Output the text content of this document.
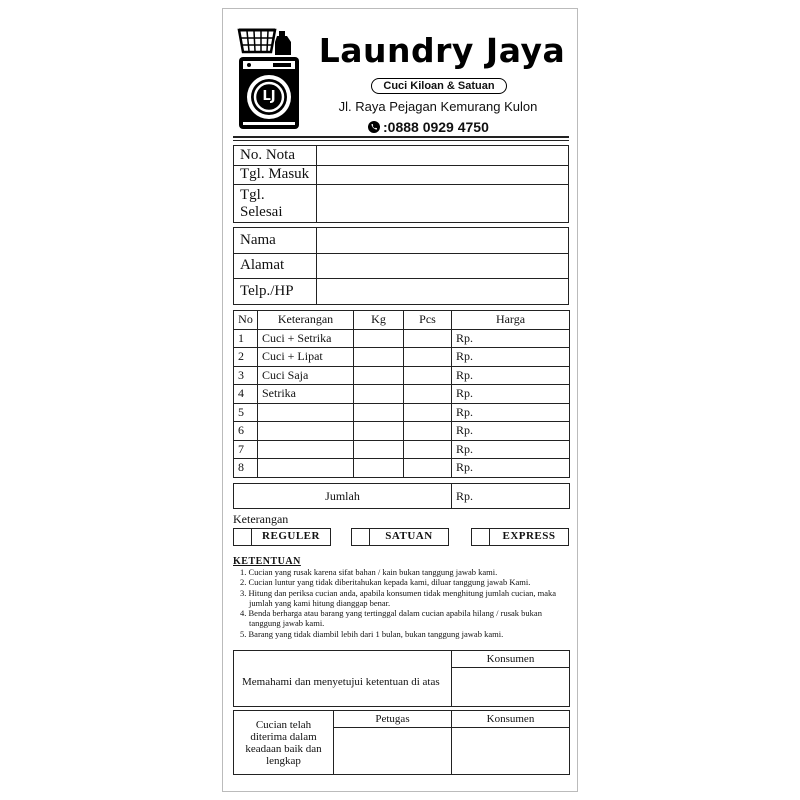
LJ
Laundry Jaya
Cuci Kiloan & Satuan
Jl. Raya Pejagan Kemurang Kulon
:0888 0929 4750
No. Nota	
Tgl. Masuk	
Tgl. Selesai	
Nama	
Alamat	
Telp./HP	
No	Keterangan	Kg	Pcs	Harga
1	Cuci + Setrika			Rp.
2	Cuci + Lipat			Rp.
3	Cuci Saja			Rp.
4	Setrika			Rp.
5				Rp.
6				Rp.
7				Rp.
8				Rp.
Jumlah	Rp.
Keterangan
REGULER	SATUAN	EXPRESS
KETENTUAN
1. Cucian yang rusak karena sifat bahan / kain bukan tanggung jawab kami.
2. Cucian luntur yang tidak diberitahukan kepada kami, diluar tanggung jawab Kami.
3. Hitung dan periksa cucian anda, apabila konsumen tidak menghitung jumlah cucian, maka jumlah yang kami hitung dianggap benar.
4. Benda berharga atau barang yang tertinggal dalam cucian apabila hilang / rusak bukan tanggung jawab kami.
5. Barang yang tidak diambil lebih dari 1 bulan, bukan tanggung jawab kami.
Memahami dan menyetujui ketentuan di atas	Konsumen

Cucian telah diterima dalam keadaan baik dan lengkap	Petugas	Konsumen
